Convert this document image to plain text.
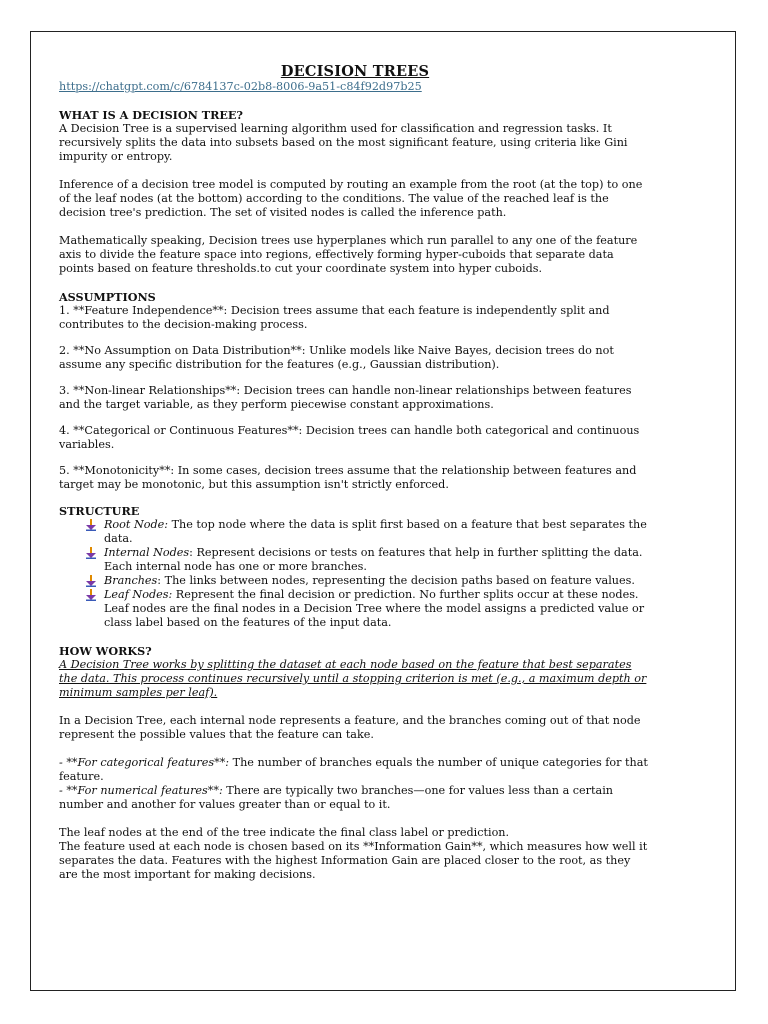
DECISION TREES
https://chatgpt.com/c/6784137c-02b8-8006-9a51-c84f92d97b25

WHAT IS A DECISION TREE?

A Decision Tree is a supervised learning algorithm used for classification and regression tasks. It recursively splits the data into subsets based on the most significant feature, using criteria like Gini impurity or entropy.

Inference of a decision tree model is computed by routing an example from the root (at the top) to one of the leaf nodes (at the bottom) according to the conditions. The value of the reached leaf is the decision tree's prediction. The set of visited nodes is called the inference path.

Mathematically speaking, Decision trees use hyperplanes which run parallel to any one of the feature axis to divide the feature space into regions, effectively forming hyper-cuboids that separate data points based on feature thresholds.to cut your coordinate system into hyper cuboids.

ASSUMPTIONS

1. **Feature Independence**: Decision trees assume that each feature is independently split and contributes to the decision-making process.

2. **No Assumption on Data Distribution**: Unlike models like Naive Bayes, decision trees do not assume any specific distribution for the features (e.g., Gaussian distribution).

3. **Non-linear Relationships**: Decision trees can handle non-linear relationships between features and the target variable, as they perform piecewise constant approximations.

4. **Categorical or Continuous Features**: Decision trees can handle both categorical and continuous variables.

5. **Monotonicity**: In some cases, decision trees assume that the relationship between features and target may be monotonic, but this assumption isn't strictly enforced.

STRUCTURE

Root Node: The top node where the data is split first based on a feature that best separates the data.
Internal Nodes: Represent decisions or tests on features that help in further splitting the data. Each internal node has one or more branches.
Branches: The links between nodes, representing the decision paths based on feature values.
Leaf Nodes: Represent the final decision or prediction. No further splits occur at these nodes. Leaf nodes are the final nodes in a Decision Tree where the model assigns a predicted value or class label based on the features of the input data.

HOW WORKS?

A Decision Tree works by splitting the dataset at each node based on the feature that best separates the data. This process continues recursively until a stopping criterion is met (e.g., a maximum depth or minimum samples per leaf).

In a Decision Tree, each internal node represents a feature, and the branches coming out of that node represent the possible values that the feature can take.

- **For categorical features**: The number of branches equals the number of unique categories for that feature.

- **For numerical features**: There are typically two branches—one for values less than a certain number and another for values greater than or equal to it.

The leaf nodes at the end of the tree indicate the final class label or prediction.

The feature used at each node is chosen based on its **Information Gain**, which measures how well it separates the data. Features with the highest Information Gain are placed closer to the root, as they are the most important for making decisions.
